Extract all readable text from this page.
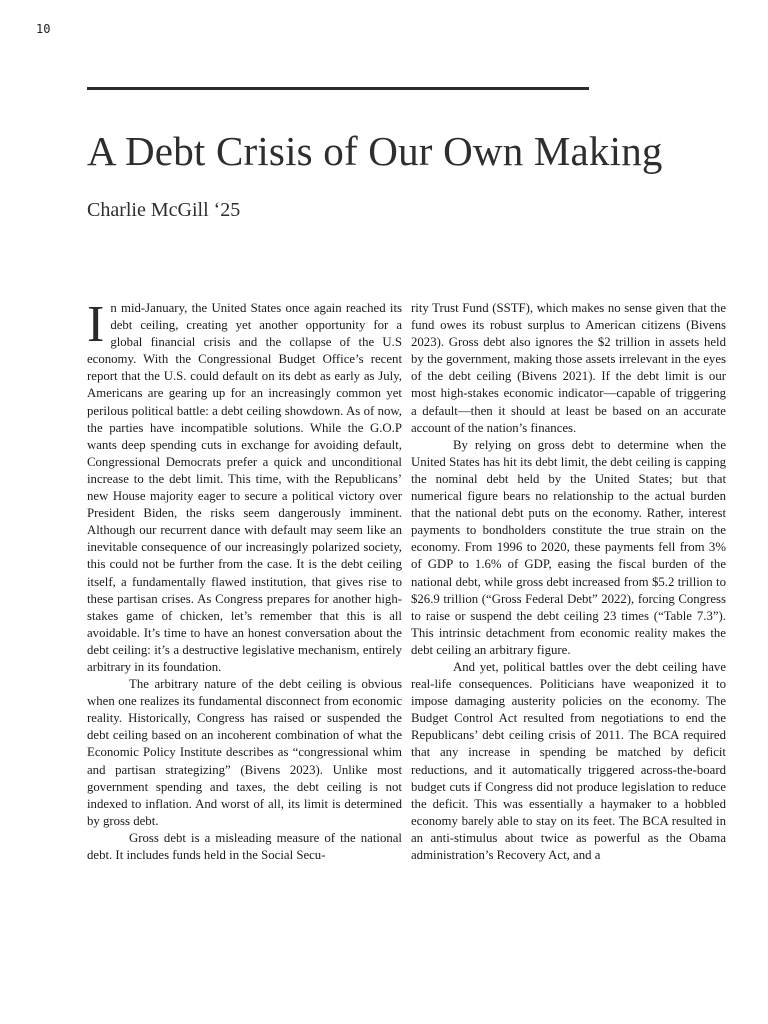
10
A Debt Crisis of Our Own Making
Charlie McGill ‘25

In mid-January, the United States once again reached its debt ceiling, creating yet another opportunity for a global financial crisis and the collapse of the U.S economy. With the Congressional Budget Office’s recent report that the U.S. could default on its debt as early as July, Americans are gearing up for an increasingly common yet perilous political battle: a debt ceiling showdown. As of now, the parties have incompatible solutions. While the G.O.P wants deep spending cuts in exchange for avoiding default, Congressional Democrats prefer a quick and unconditional increase to the debt limit. This time, with the Republicans’ new House majority eager to secure a political victory over President Biden, the risks seem dangerously imminent. Although our recurrent dance with default may seem like an inevitable consequence of our increasingly polarized society, this could not be further from the case. It is the debt ceiling itself, a fundamentally flawed institution, that gives rise to these partisan crises. As Congress prepares for another high-stakes game of chicken, let’s remember that this is all avoidable. It’s time to have an honest conversation about the debt ceiling: it’s a destructive legislative mechanism, entirely arbitrary in its foundation.

The arbitrary nature of the debt ceiling is obvious when one realizes its fundamental disconnect from economic reality. Historically, Congress has raised or suspended the debt ceiling based on an incoherent combination of what the Economic Policy Institute describes as “congressional whim and partisan strategizing” (Bivens 2023). Unlike most government spending and taxes, the debt ceiling is not indexed to inflation. And worst of all, its limit is determined by gross debt.

Gross debt is a misleading measure of the national debt. It includes funds held in the Social Secu-

rity Trust Fund (SSTF), which makes no sense given that the fund owes its robust surplus to American citizens (Bivens 2023). Gross debt also ignores the $2 trillion in assets held by the government, making those assets irrelevant in the eyes of the debt ceiling (Bivens 2021). If the debt limit is our most high-stakes economic indicator—capable of triggering a default—then it should at least be based on an accurate account of the nation’s finances.

By relying on gross debt to determine when the United States has hit its debt limit, the debt ceiling is capping the nominal debt held by the United States; but that numerical figure bears no relationship to the actual burden that the national debt puts on the economy. Rather, interest payments to bondholders constitute the true strain on the economy. From 1996 to 2020, these payments fell from 3% of GDP to 1.6% of GDP, easing the fiscal burden of the national debt, while gross debt increased from $5.2 trillion to $26.9 trillion (“Gross Federal Debt” 2022), forcing Congress to raise or suspend the debt ceiling 23 times (“Table 7.3”). This intrinsic detachment from economic reality makes the debt ceiling an arbitrary figure.

And yet, political battles over the debt ceiling have real-life consequences. Politicians have weaponized it to impose damaging austerity policies on the economy. The Budget Control Act resulted from negotiations to end the Republicans’ debt ceiling crisis of 2011. The BCA required that any increase in spending be matched by deficit reductions, and it automatically triggered across-the-board budget cuts if Congress did not produce legislation to reduce the deficit. This was essentially a haymaker to a hobbled economy barely able to stay on its feet. The BCA resulted in an anti-stimulus about twice as powerful as the Obama administration’s Recovery Act, and a
